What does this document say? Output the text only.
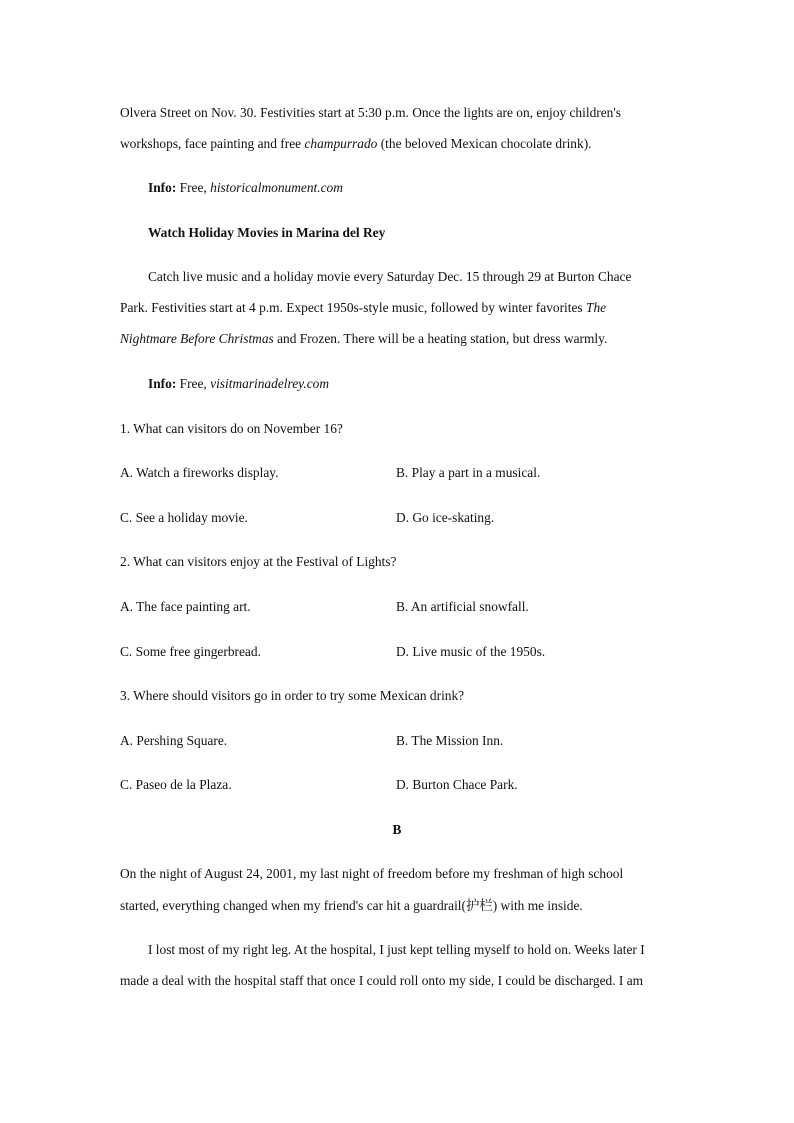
Olvera Street on Nov. 30. Festivities start at 5:30 p.m. Once the lights are on, enjoy children's
workshops, face painting and free champurrado (the beloved Mexican chocolate drink).
Info: Free, historicalmonument.com
Watch Holiday Movies in Marina del Rey
Catch live music and a holiday movie every Saturday Dec. 15 through 29 at Burton Chace
Park. Festivities start at 4 p.m. Expect 1950s-style music, followed by winter favorites The
Nightmare Before Christmas and Frozen. There will be a heating station, but dress warmly.
Info: Free, visitmarinadelrey.com
1. What can visitors do on November 16?
A. Watch a fireworks display.	B. Play a part in a musical.
C. See a holiday movie.	D. Go ice-skating.
2. What can visitors enjoy at the Festival of Lights?
A. The face painting art.	B. An artificial snowfall.
C. Some free gingerbread.	D. Live music of the 1950s.
3. Where should visitors go in order to try some Mexican drink?
A. Pershing Square.	B. The Mission Inn.
C. Paseo de la Plaza.	D. Burton Chace Park.
B
On the night of August 24, 2001, my last night of freedom before my freshman of high school
started, everything changed when my friend's car hit a guardrail(护栏) with me inside.
I lost most of my right leg. At the hospital, I just kept telling myself to hold on. Weeks later I
made a deal with the hospital staff that once I could roll onto my side, I could be discharged. I am
